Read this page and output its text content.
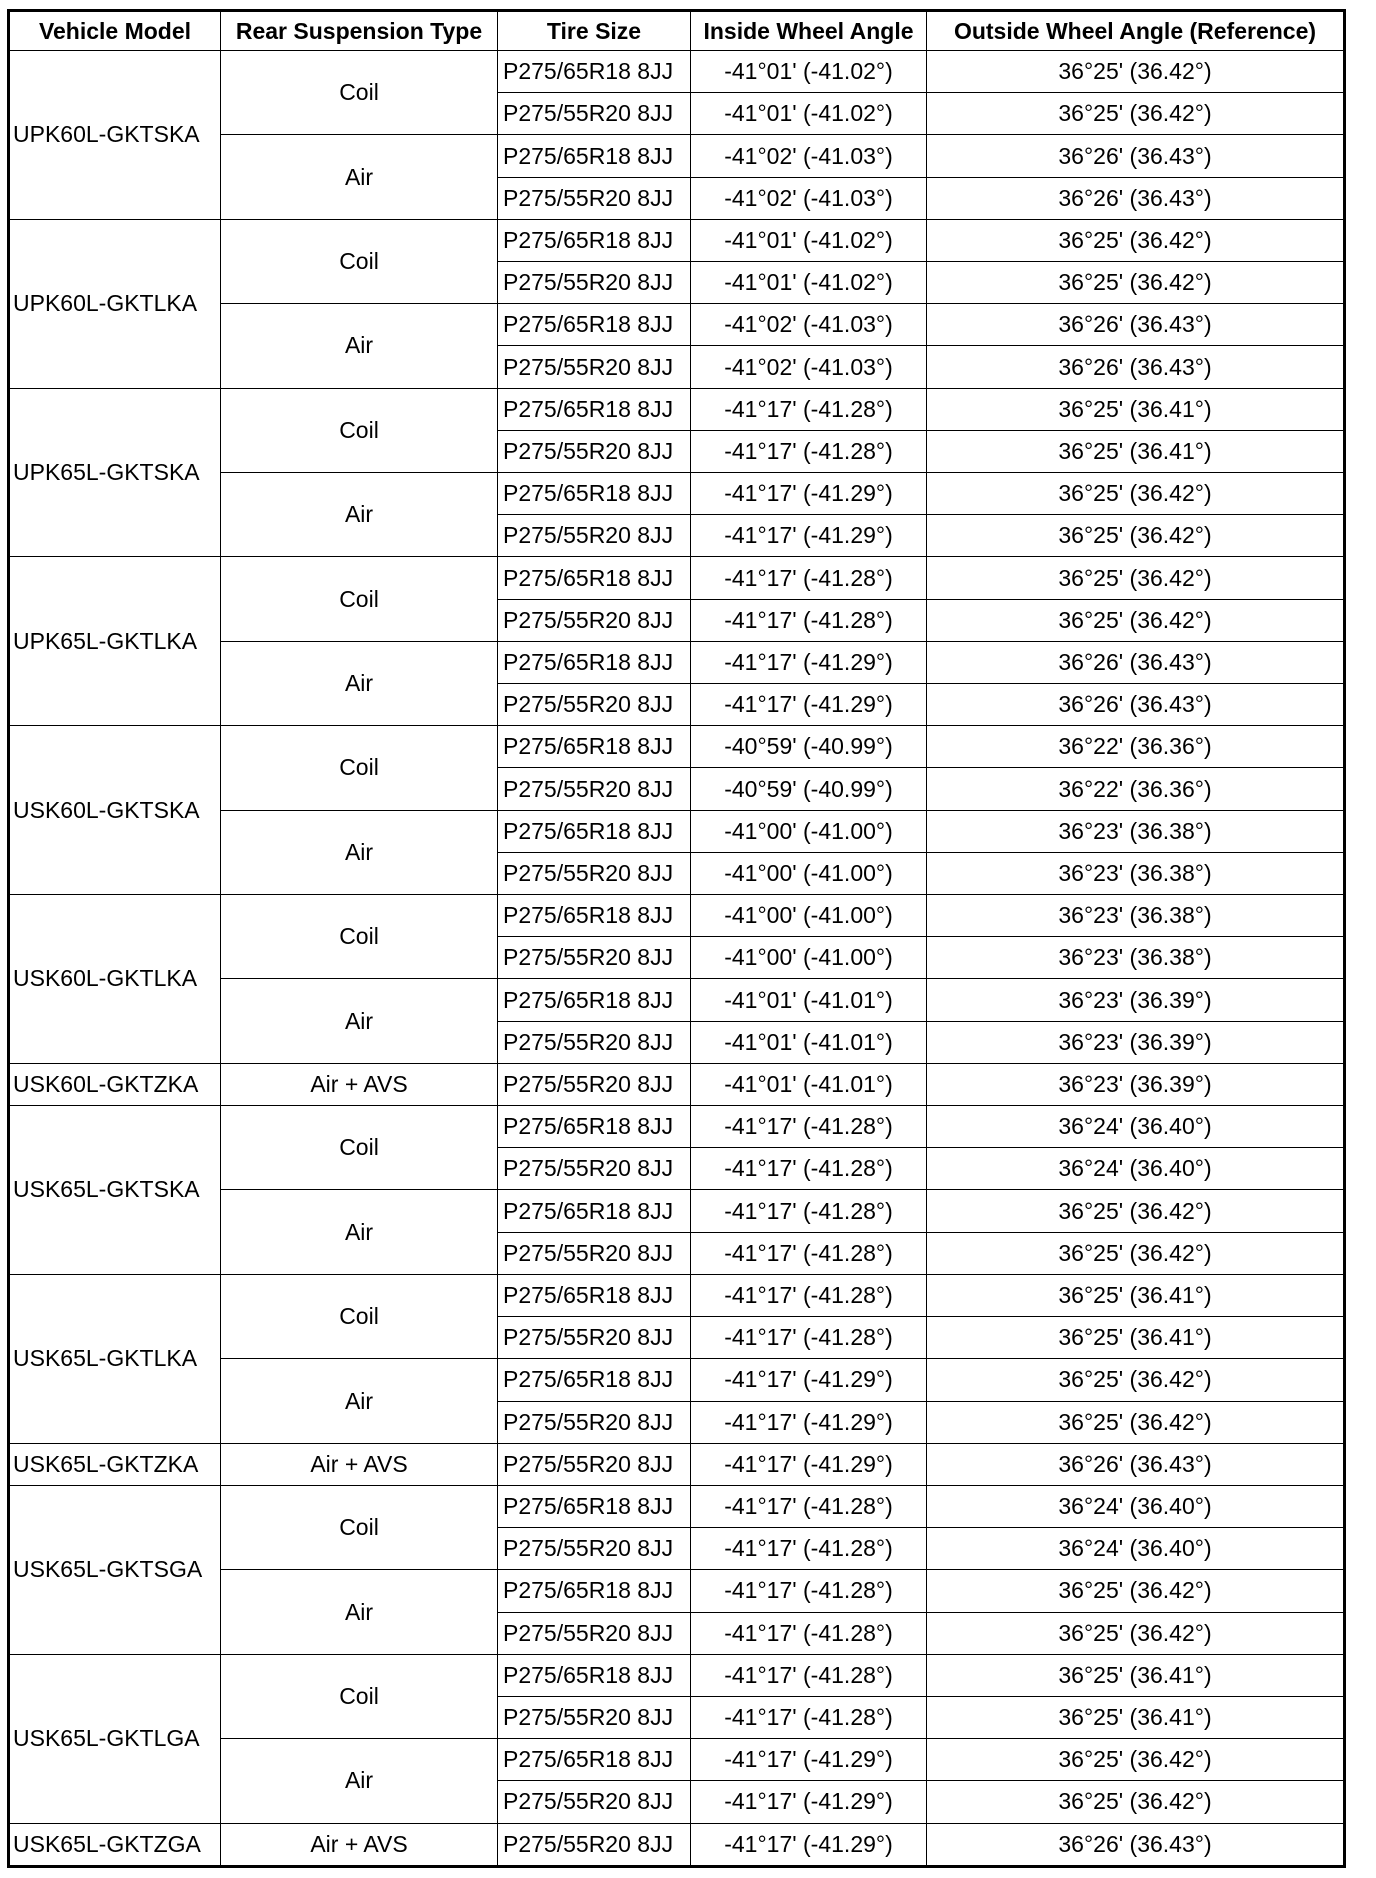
Vehicle Model	Rear Suspension Type	Tire Size	Inside Wheel Angle	Outside Wheel Angle (Reference)
UPK60L-GKTSKA	Coil	P275/65R18 8JJ	-41°01' (-41.02°)	36°25' (36.42°)
		P275/55R20 8JJ	-41°01' (-41.02°)	36°25' (36.42°)
	Air	P275/65R18 8JJ	-41°02' (-41.03°)	36°26' (36.43°)
		P275/55R20 8JJ	-41°02' (-41.03°)	36°26' (36.43°)
UPK60L-GKTLKA	Coil	P275/65R18 8JJ	-41°01' (-41.02°)	36°25' (36.42°)
		P275/55R20 8JJ	-41°01' (-41.02°)	36°25' (36.42°)
	Air	P275/65R18 8JJ	-41°02' (-41.03°)	36°26' (36.43°)
		P275/55R20 8JJ	-41°02' (-41.03°)	36°26' (36.43°)
UPK65L-GKTSKA	Coil	P275/65R18 8JJ	-41°17' (-41.28°)	36°25' (36.41°)
		P275/55R20 8JJ	-41°17' (-41.28°)	36°25' (36.41°)
	Air	P275/65R18 8JJ	-41°17' (-41.29°)	36°25' (36.42°)
		P275/55R20 8JJ	-41°17' (-41.29°)	36°25' (36.42°)
UPK65L-GKTLKA	Coil	P275/65R18 8JJ	-41°17' (-41.28°)	36°25' (36.42°)
		P275/55R20 8JJ	-41°17' (-41.28°)	36°25' (36.42°)
	Air	P275/65R18 8JJ	-41°17' (-41.29°)	36°26' (36.43°)
		P275/55R20 8JJ	-41°17' (-41.29°)	36°26' (36.43°)
USK60L-GKTSKA	Coil	P275/65R18 8JJ	-40°59' (-40.99°)	36°22' (36.36°)
		P275/55R20 8JJ	-40°59' (-40.99°)	36°22' (36.36°)
	Air	P275/65R18 8JJ	-41°00' (-41.00°)	36°23' (36.38°)
		P275/55R20 8JJ	-41°00' (-41.00°)	36°23' (36.38°)
USK60L-GKTLKA	Coil	P275/65R18 8JJ	-41°00' (-41.00°)	36°23' (36.38°)
		P275/55R20 8JJ	-41°00' (-41.00°)	36°23' (36.38°)
	Air	P275/65R18 8JJ	-41°01' (-41.01°)	36°23' (36.39°)
		P275/55R20 8JJ	-41°01' (-41.01°)	36°23' (36.39°)
USK60L-GKTZKA	Air + AVS	P275/55R20 8JJ	-41°01' (-41.01°)	36°23' (36.39°)
USK65L-GKTSKA	Coil	P275/65R18 8JJ	-41°17' (-41.28°)	36°24' (36.40°)
		P275/55R20 8JJ	-41°17' (-41.28°)	36°24' (36.40°)
	Air	P275/65R18 8JJ	-41°17' (-41.28°)	36°25' (36.42°)
		P275/55R20 8JJ	-41°17' (-41.28°)	36°25' (36.42°)
USK65L-GKTLKA	Coil	P275/65R18 8JJ	-41°17' (-41.28°)	36°25' (36.41°)
		P275/55R20 8JJ	-41°17' (-41.28°)	36°25' (36.41°)
	Air	P275/65R18 8JJ	-41°17' (-41.29°)	36°25' (36.42°)
		P275/55R20 8JJ	-41°17' (-41.29°)	36°25' (36.42°)
USK65L-GKTZKA	Air + AVS	P275/55R20 8JJ	-41°17' (-41.29°)	36°26' (36.43°)
USK65L-GKTSGA	Coil	P275/65R18 8JJ	-41°17' (-41.28°)	36°24' (36.40°)
		P275/55R20 8JJ	-41°17' (-41.28°)	36°24' (36.40°)
	Air	P275/65R18 8JJ	-41°17' (-41.28°)	36°25' (36.42°)
		P275/55R20 8JJ	-41°17' (-41.28°)	36°25' (36.42°)
USK65L-GKTLGA	Coil	P275/65R18 8JJ	-41°17' (-41.28°)	36°25' (36.41°)
		P275/55R20 8JJ	-41°17' (-41.28°)	36°25' (36.41°)
	Air	P275/65R18 8JJ	-41°17' (-41.29°)	36°25' (36.42°)
		P275/55R20 8JJ	-41°17' (-41.29°)	36°25' (36.42°)
USK65L-GKTZGA	Air + AVS	P275/55R20 8JJ	-41°17' (-41.29°)	36°26' (36.43°)
